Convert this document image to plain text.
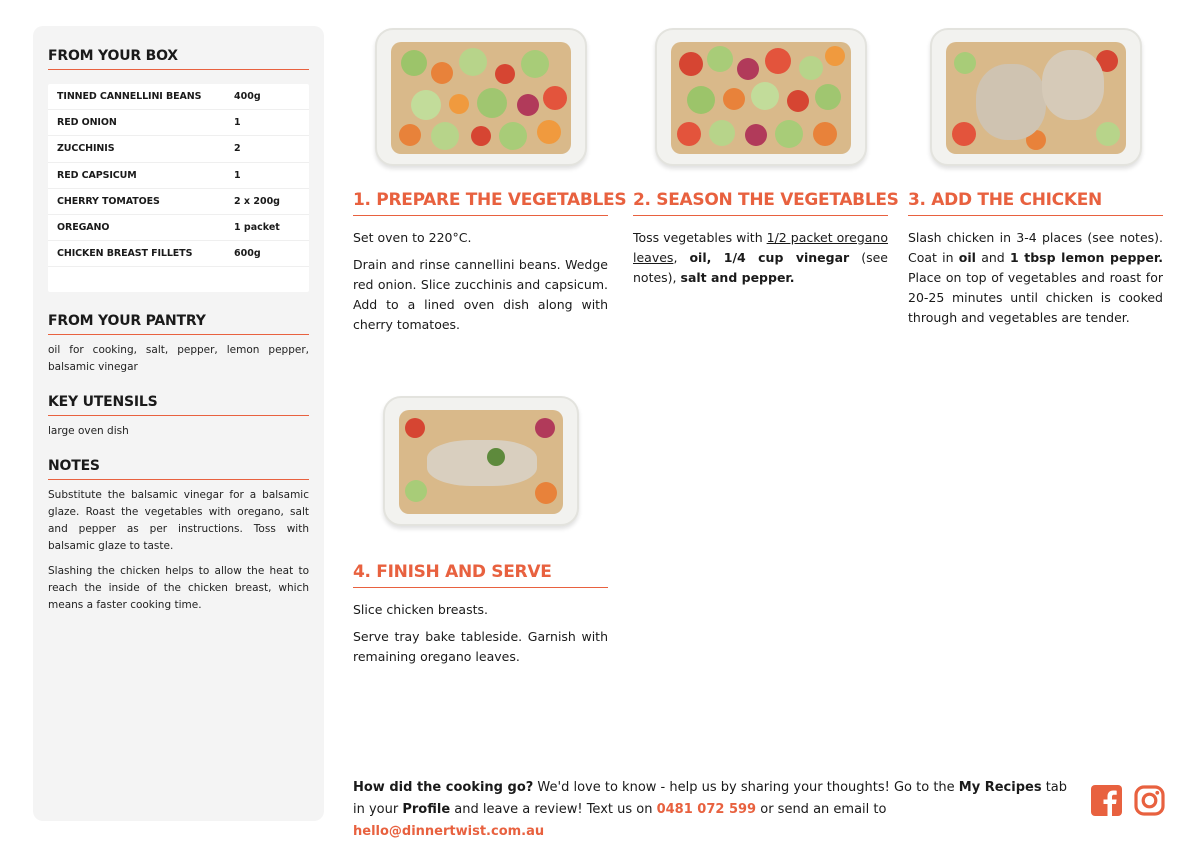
FROM YOUR BOX
TINNED CANNELLINI BEANS	400g
RED ONION	1
ZUCCHINIS	2
RED CAPSICUM	1
CHERRY TOMATOES	2 x 200g
OREGANO	1 packet
CHICKEN BREAST FILLETS	600g
FROM YOUR PANTRY
oil for cooking, salt, pepper, lemon pepper, balsamic vinegar
KEY UTENSILS
large oven dish
NOTES
Substitute the balsamic vinegar for a balsamic glaze. Roast the vegetables with oregano, salt and pepper as per instructions. Toss with balsamic glaze to taste.
Slashing the chicken helps to allow the heat to reach the inside of the chicken breast, which means a faster cooking time.
1. PREPARE THE VEGETABLES

Set oven to 220°C.

Drain and rinse cannellini beans. Wedge red onion. Slice zucchinis and capsicum. Add to a lined oven dish along with cherry tomatoes.

2. SEASON THE VEGETABLES

Toss vegetables with 1/2 packet oregano leaves, oil, 1/4 cup vinegar (see notes), salt and pepper.

3. ADD THE CHICKEN

Slash chicken in 3-4 places (see notes). Coat in oil and 1 tbsp lemon pepper. Place on top of vegetables and roast for 20-25 minutes until chicken is cooked through and vegetables are tender.

4. FINISH AND SERVE

Slice chicken breasts.

Serve tray bake tableside. Garnish with remaining oregano leaves.

How did the cooking go? We'd love to know - help us by sharing your thoughts! Go to the My Recipes tab in your Profile and leave a review! Text us on 0481 072 599 or send an email to hello@dinnertwist.com.au
